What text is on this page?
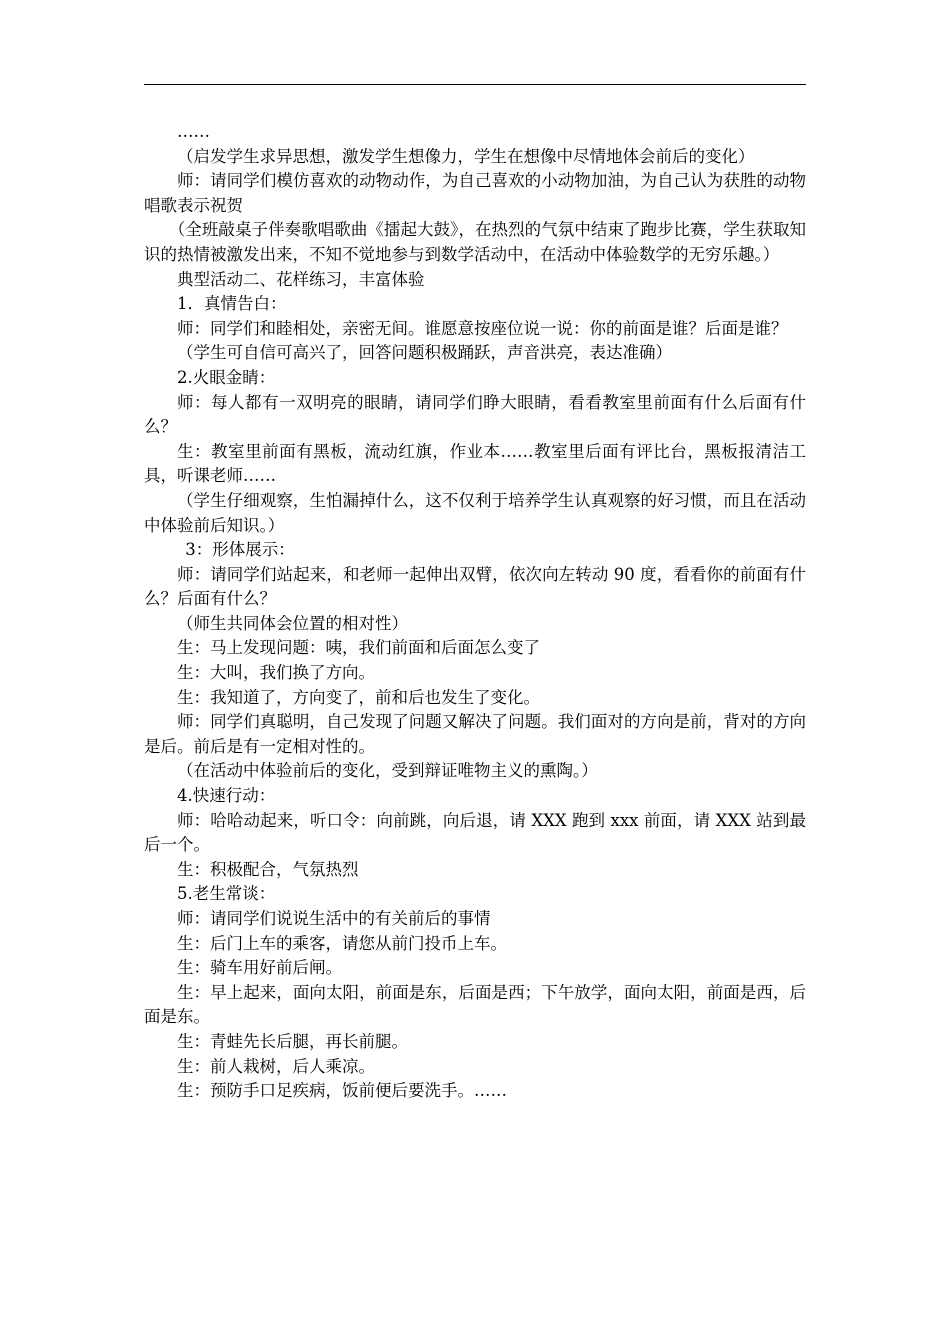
……

（启发学生求异思想，激发学生想像力，学生在想像中尽情地体会前后的变化）

师：请同学们模仿喜欢的动物动作，为自己喜欢的小动物加油，为自己认为获胜的动物唱歌表示祝贺

（全班敲桌子伴奏歌唱歌曲《擂起大鼓》，在热烈的气氛中结束了跑步比赛，学生获取知识的热情被激发出来，不知不觉地参与到数学活动中，在活动中体验数学的无穷乐趣。）

典型活动二、花样练习，丰富体验

1．真情告白：

师：同学们和睦相处，亲密无间。谁愿意按座位说一说：你的前面是谁？后面是谁？

（学生可自信可高兴了，回答问题积极踊跃，声音洪亮，表达准确）

2.火眼金睛：

师：每人都有一双明亮的眼睛，请同学们睁大眼睛，看看教室里前面有什么后面有什么？

生：教室里前面有黑板，流动红旗，作业本……教室里后面有评比台，黑板报清洁工具，听课老师……

（学生仔细观察，生怕漏掉什么，这不仅利于培养学生认真观察的好习惯，而且在活动中体验前后知识。）

3：形体展示：

师：请同学们站起来，和老师一起伸出双臂，依次向左转动 90 度，看看你的前面有什么？后面有什么？

（师生共同体会位置的相对性）

生：马上发现问题：咦，我们前面和后面怎么变了

生：大叫，我们换了方向。

生：我知道了，方向变了，前和后也发生了变化。

师：同学们真聪明，自己发现了问题又解决了问题。我们面对的方向是前，背对的方向是后。前后是有一定相对性的。

（在活动中体验前后的变化，受到辩证唯物主义的熏陶。）

4.快速行动：

师：哈哈动起来，听口令：向前跳，向后退，请 XXX 跑到 xxx 前面，请 XXX 站到最后一个。

生：积极配合，气氛热烈

5.老生常谈：

师：请同学们说说生活中的有关前后的事情

生：后门上车的乘客，请您从前门投币上车。

生：骑车用好前后闸。

生：早上起来，面向太阳，前面是东，后面是西；下午放学，面向太阳，前面是西，后面是东。

生：青蛙先长后腿，再长前腿。

生：前人栽树，后人乘凉。

生：预防手口足疾病，饭前便后要洗手。……
